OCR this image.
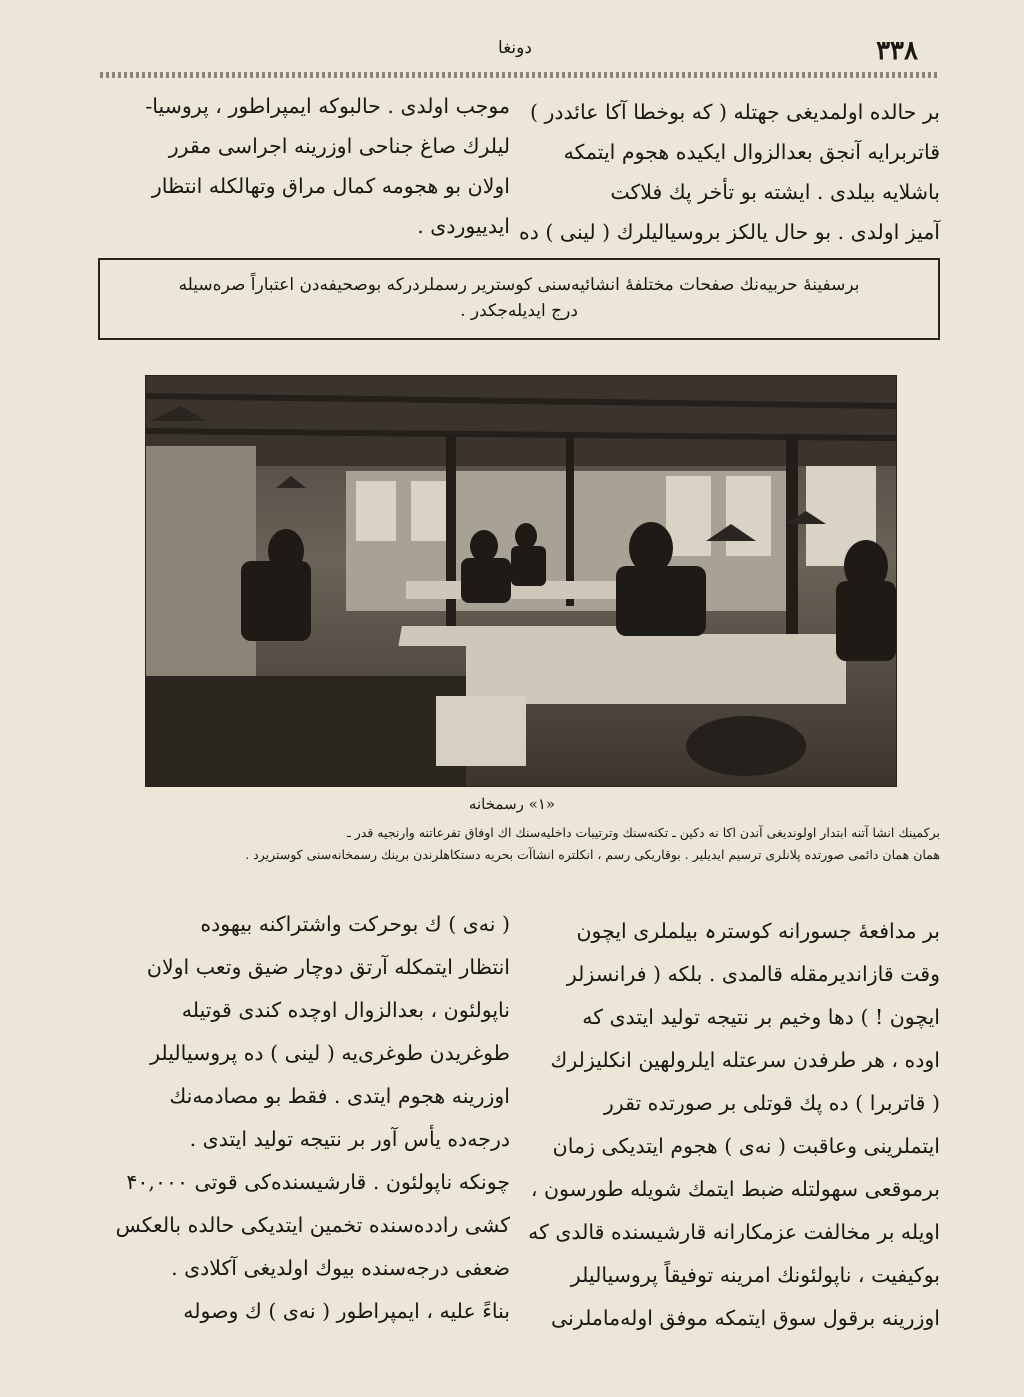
دونغا	۳۳۸

بر حالده اولمدیغی جهتله ( که بوخطا آکا عائددر )

قاتربرایه آنجق بعدالزوال ایکیده هجوم ایتمکه

باشلایه بیلدی . ایشته بو تأخر پك فلاکت

آمیز اولدی . بو حال یالکز بروسیالیلرك ( لینی ) ده

موجب اولدی . حالبوکه ایمپراطور ، پروسیا-

لیلرك صاغ جناحی اوزرینه اجراسی مقرر

اولان بو هجومه کمال مراق وتهالکله انتظار

ایدییوردی .

برسفینهٔ حربیه‌نك صفحات مختلفهٔ انشائیه‌سنی کوستریر رسملردرکه بوصحیفه‌دن اعتباراً صره‌سیله

درج ایدیله‌جکدر .

«۱» رسمخانه

برکمینك انشا آتنه ابتدار اولوندیغی آندن اکا نه دکین ـ تکنه‌سنك وترتیبات داخلیه‌سنك اك اوفاق تفرعاتنه وارنجیه قدر ـ

همان همان دائمی صورتده پلانلری ترسیم ایدیلیر . بوقاریکی رسم ، انکلتره انشاآت بحریه دستکاهلرندن برینك رسمخانه‌سنی کوستریرد .

بر مدافعهٔ جسورانه کوسترہ بیلملری ایچون

وقت قازاندیرمقله قالمدی . بلکه ( فرانسزلر

ایچون ! ) دها وخیم بر نتیجه تولید ایتدی که

اوده ، هر طرفدن سرعتله ایلرولهین انکلیزلرك

( قاتربرا ) ده پك قوتلی بر صورتده تقرر

ایتملرینی وعاقبت ( نه‌ی ) هجوم ایتدیکی زمان

برموقعی سهولتله ضبط ایتمك شویله طورسون ،

اویله بر مخالفت عزمکارانه قارشیسنده قالدی که

بوکیفیت ، ناپولئونك امرینه توفیقاً پروسیالیلر

اوزرینه برقول سوق ایتمکه موفق اوله‌ماملرنی

( نه‌ی ) ك بوحرکت واشتراکنه بیهوده

انتظار ایتمکله آرتق دوچار ضیق وتعب اولان

ناپولئون ، بعدالزوال اوچده کندی قوتیله

طوغریدن طوغری‌یه ( لینی ) ده پروسیالیلر

اوزرینه هجوم ایتدی . فقط بو مصادمه‌نك

درجه‌ده یأس آور بر نتیجه تولید ایتدی .

چونکه ناپولئون . قارشیسنده‌کی قوتی ۴۰,۰۰۰

کشی رادده‌سنده تخمین ایتدیکی حالده بالعکس

ضعفی درجه‌سنده بیوك اولدیغی آکلادی .

بناءً علیه ، ایمپراطور ( نه‌ی ) ك وصوله
